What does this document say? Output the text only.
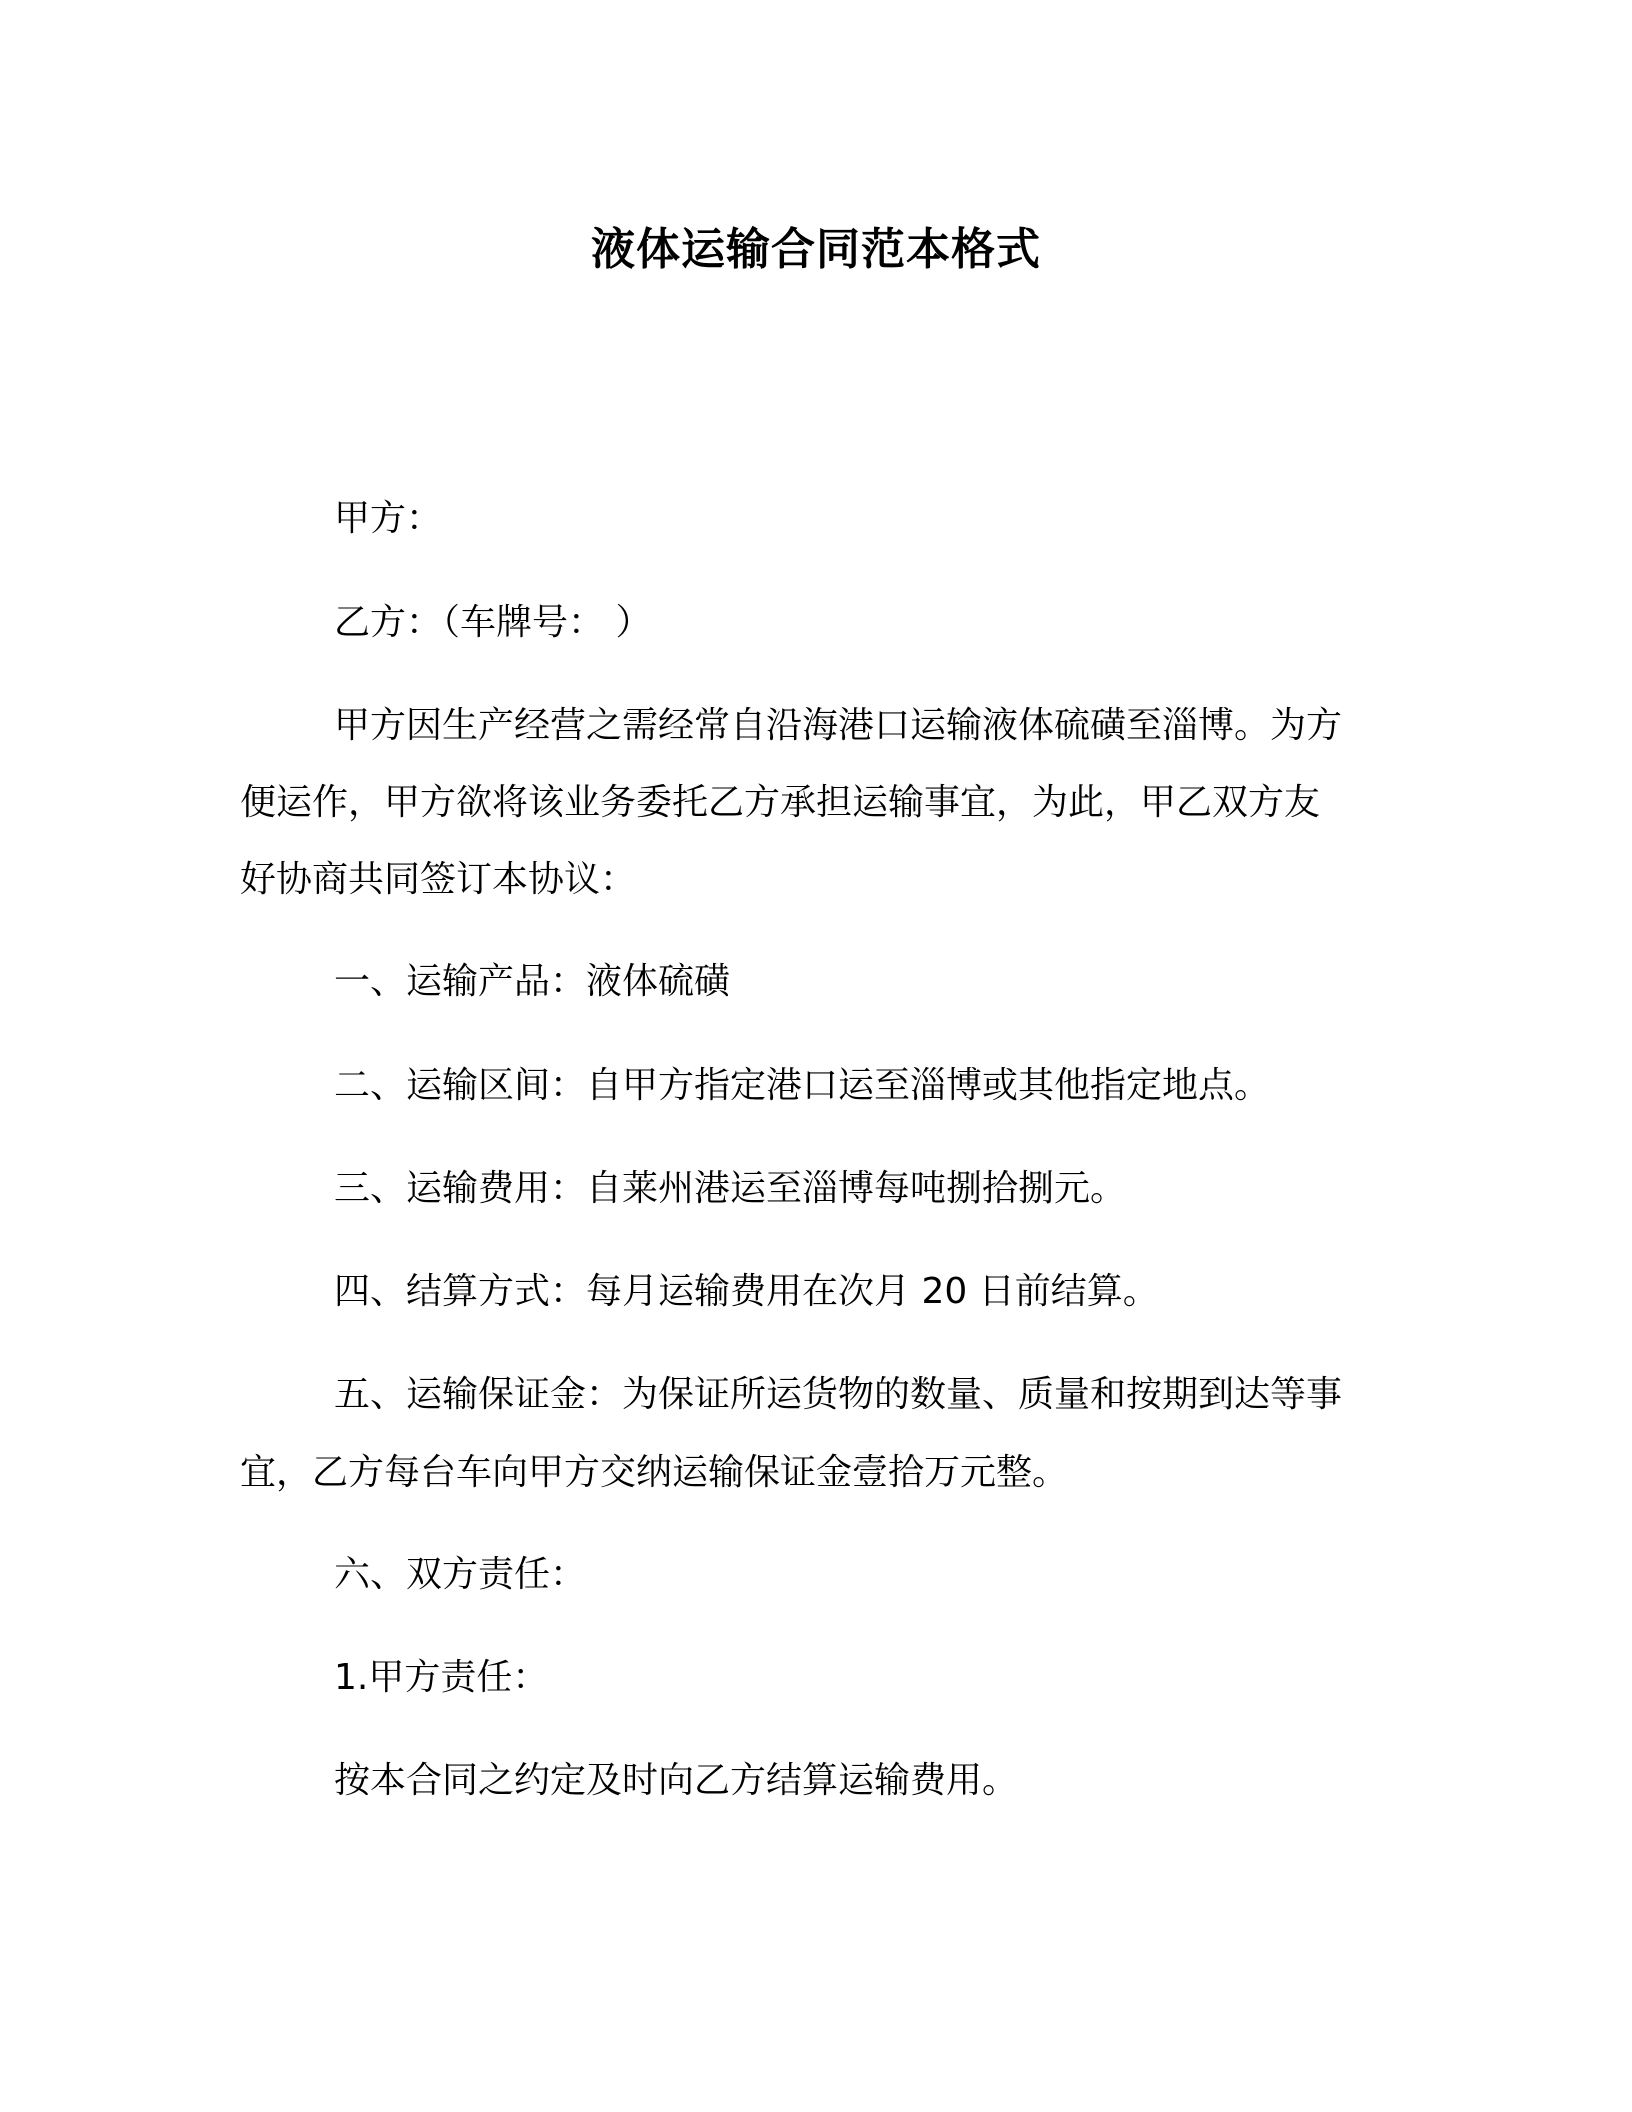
液体运输合同范本格式

甲方：

乙方：（车牌号： ）

甲方因生产经营之需经常自沿海港口运输液体硫磺至淄博。为方

便运作，甲方欲将该业务委托乙方承担运输事宜，为此，甲乙双方友

好协商共同签订本协议：

一、运输产品：液体硫磺

二、运输区间：自甲方指定港口运至淄博或其他指定地点。

三、运输费用：自莱州港运至淄博每吨捌拾捌元。

四、结算方式：每月运输费用在次月 20 日前结算。

五、运输保证金：为保证所运货物的数量、质量和按期到达等事

宜，乙方每台车向甲方交纳运输保证金壹拾万元整。

六、双方责任：

1.甲方责任：

按本合同之约定及时向乙方结算运输费用。
